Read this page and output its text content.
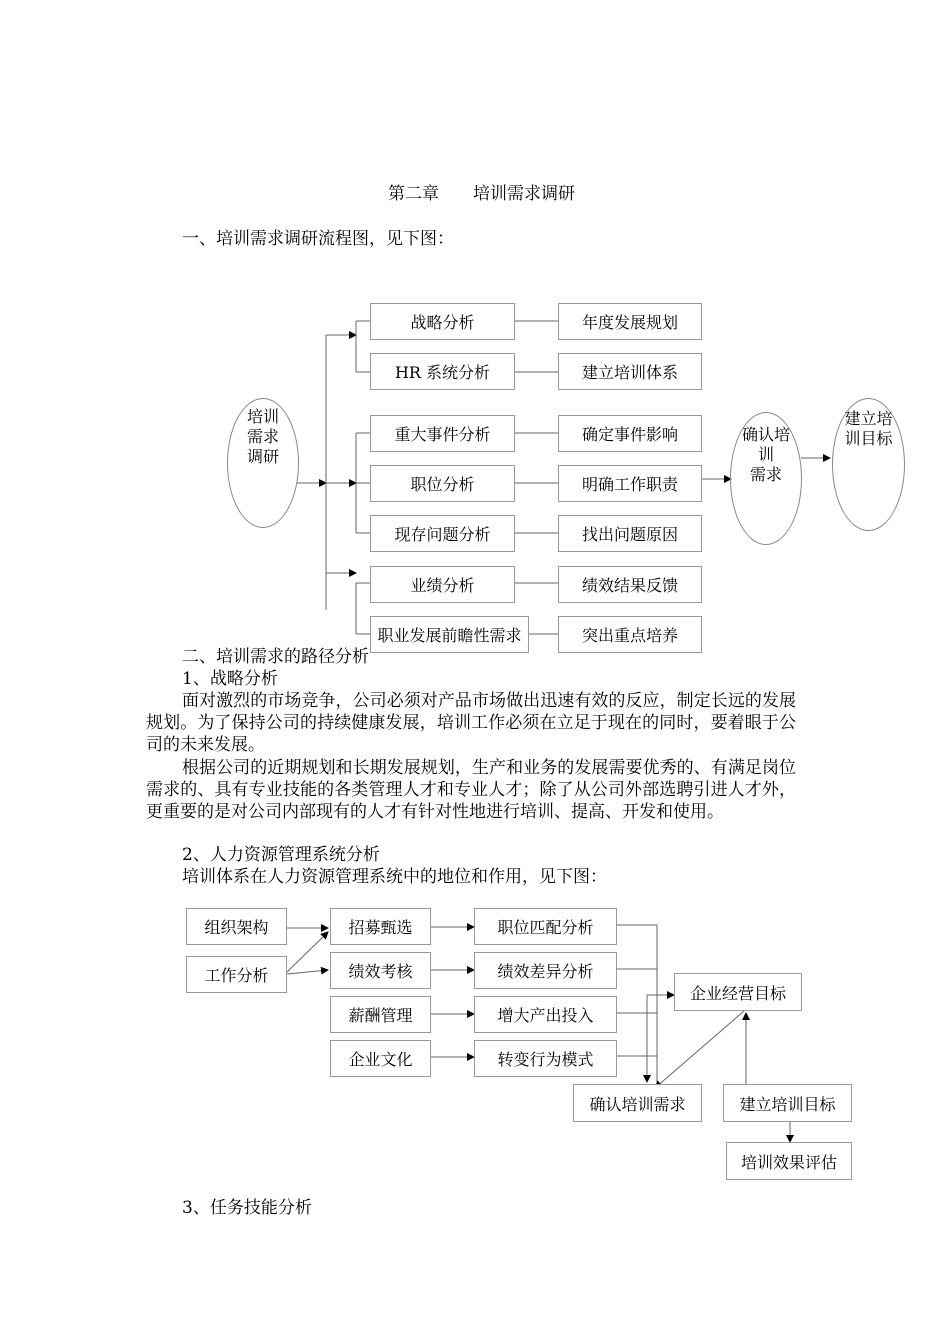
第二章　　培训需求调研
一、培训需求调研流程图，见下图：
培训
需求
调研
战略分析
HR 系统分析
重大事件分析
职位分析
现存问题分析
业绩分析
职业发展前瞻性需求
年度发展规划
建立培训体系
确定事件影响
明确工作职责
找出问题原因
绩效结果反馈
突出重点培养
确认培
训
需求
建立培
训目标
二、培训需求的路径分析
1、战略分析
面对激烈的市场竞争，公司必须对产品市场做出迅速有效的反应，制定长远的发展规划。为了保持公司的持续健康发展，培训工作必须在立足于现在的同时，要着眼于公司的未来发展。
根据公司的近期规划和长期发展规划，生产和业务的发展需要优秀的、有满足岗位需求的、具有专业技能的各类管理人才和专业人才；除了从公司外部选聘引进人才外，更重要的是对公司内部现有的人才有针对性地进行培训、提高、开发和使用。
2、人力资源管理系统分析
培训体系在人力资源管理系统中的地位和作用，见下图：
组织架构
工作分析
招募甄选
绩效考核
薪酬管理
企业文化
职位匹配分析
绩效差异分析
增大产出投入
转变行为模式
企业经营目标
确认培训需求	建立培训目标
培训效果评估
3、任务技能分析
